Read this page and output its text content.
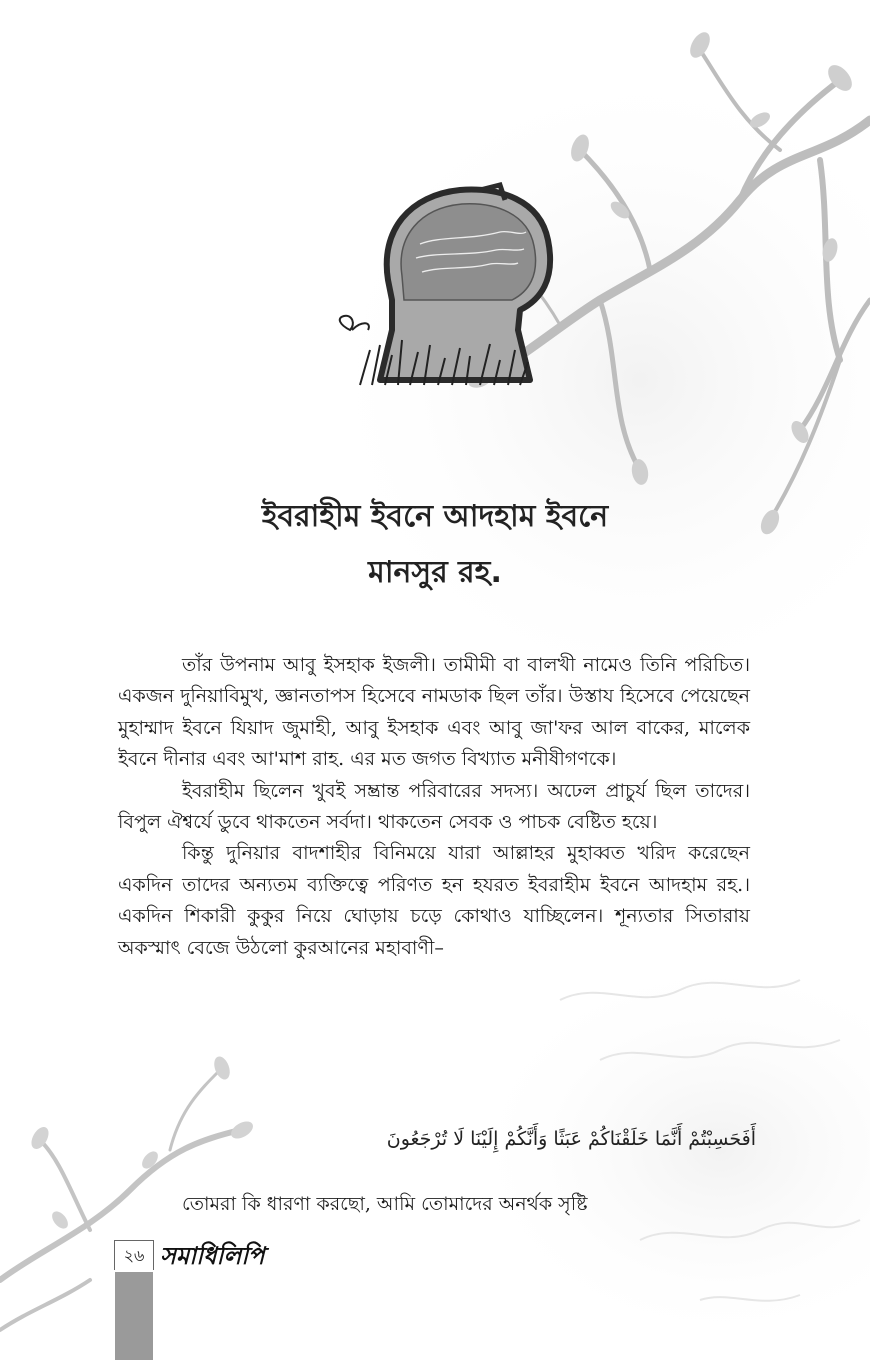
ইবরাহীম ইবনে আদহাম ইবনে
মানসুর রহ.

তাঁর উপনাম আবু ইসহাক ইজলী। তামীমী বা বালখী নামেও তিনি পরিচিত। একজন দুনিয়াবিমুখ, জ্ঞানতাপস হিসেবে নামডাক ছিল তাঁর। উস্তায হিসেবে পেয়েছেন মুহাম্মাদ ইবনে যিয়াদ জুমাহী, আবু ইসহাক এবং আবু জা'ফর আল বাকের, মালেক ইবনে দীনার এবং আ'মাশ রাহ. এর মত জগত বিখ্যাত মনীষীগণকে।

ইবরাহীম ছিলেন খুবই সম্ভ্রান্ত পরিবারের সদস্য। অঢেল প্রাচুর্য ছিল তাদের। বিপুল ঐশ্বর্যে ডুবে থাকতেন সর্বদা। থাকতেন সেবক ও পাচক বেষ্টিত হয়ে।

কিন্তু দুনিয়ার বাদশাহীর বিনিময়ে যারা আল্লাহর মুহাব্বত খরিদ করেছেন একদিন তাদের অন্যতম ব্যক্তিত্বে পরিণত হন হযরত ইবরাহীম ইবনে আদহাম রহ.। একদিন শিকারী কুকুর নিয়ে ঘোড়ায় চড়ে কোথাও যাচ্ছিলেন। শূন্যতার সিতারায় অকস্মাৎ বেজে উঠলো কুরআনের মহাবাণী–

أَفَحَسِبْتُمْ أَنَّمَا خَلَقْنَاكُمْ عَبَثًا وَأَنَّكُمْ إِلَيْنَا لَا تُرْجَعُونَ
তোমরা কি ধারণা করছো, আমি তোমাদের অনর্থক সৃষ্টি
২৬ সমাধিলিপি
